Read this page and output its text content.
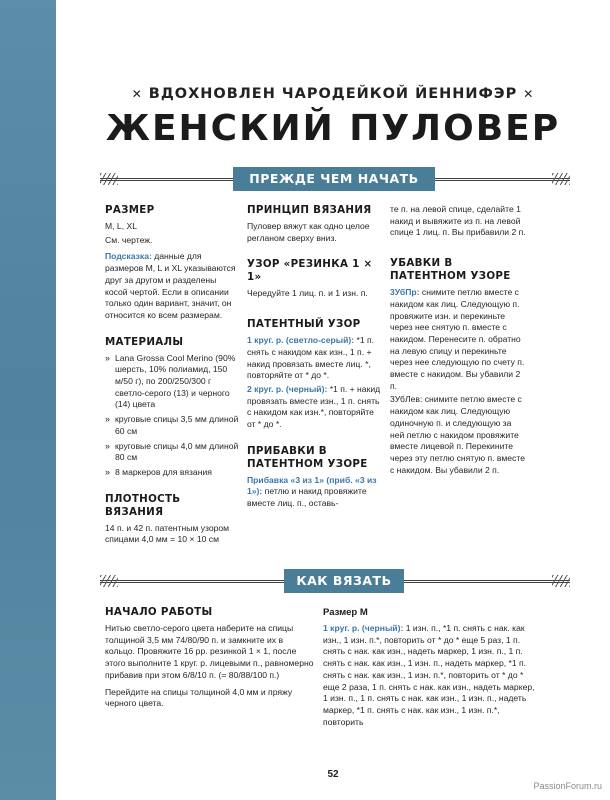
✕ ВДОХНОВЛЕН ЧАРОДЕЙКОЙ ЙЕННИФЭР ✕
ЖЕНСКИЙ ПУЛОВЕР
ПРЕЖДЕ ЧЕМ НАЧАТЬ
РАЗМЕР

M, L, XL

См. чертеж.

Подсказка: данные для размеров M, L и XL указываются друг за другом и разделены косой чертой. Если в описании только один вариант, значит, он относится ко всем размерам.

МАТЕРИАЛЫ
» Lana Grossa Cool Merino (90% шерсть, 10% полиамид, 150 м/50 г), по 200/250/300 г светло-серого (13) и черного (14) цвета
» круговые спицы 3,5 мм длиной 60 см
» круговые спицы 4,0 мм длиной 80 см
» 8 маркеров для вязания
ПЛОТНОСТЬ ВЯЗАНИЯ

14 п. и 42 п. патентным узором спицами 4,0 мм = 10 × 10 см

ПРИНЦИП ВЯЗАНИЯ

Пуловер вяжут как одно целое регланом сверху вниз.

УЗОР «РЕЗИНКА 1 × 1»

Чередуйте 1 лиц. п. и 1 изн. п.

ПАТЕНТНЫЙ УЗОР

1 круг. р. (светло-серый): *1 п. снять с накидом как изн., 1 п. + накид провязать вместе лиц. *, повторяйте от * до *.

2 круг. р. (черный): *1 п. + накид провязать вместе изн., 1 п. снять с накидом как изн.*, повторяйте от * до *.

ПРИБАВКИ В ПАТЕНТНОМ УЗОРЕ

Прибавка «3 из 1» (приб. «3 из 1»): петлю и накид провяжите вместе лиц. п., оставь-

те п. на левой спице, сделайте 1 накид и вывяжите из п. на левой спице 1 лиц. п. Вы прибавили 2 п.

УБАВКИ В ПАТЕНТНОМ УЗОРЕ

3УбПр: снимите петлю вместе с накидом как лиц. Следующую п. провяжите изн. и перекиньте через нее снятую п. вместе с накидом. Перенесите п. обратно на левую спицу и перекиньте через нее следующую по счету п. вместе с накидом. Вы убавили 2 п.

3УбЛев: снимите петлю вместе с накидом как лиц. Следующую одиночную п. и следующую за ней петлю с накидом провяжите вместе лицевой п. Перекините через эту петлю снятую п. вместе с накидом. Вы убавили 2 п.

КАК ВЯЗАТЬ
НАЧАЛО РАБОТЫ

Нитью светло-серого цвета наберите на спицы толщиной 3,5 мм 74/80/90 п. и замкните их в кольцо. Провяжите 16 рр. резинкой 1 × 1, после этого выполните 1 круг. р. лицевыми п., равномерно прибавив при этом 6/8/10 п. (= 80/88/100 п.)

Перейдите на спицы толщиной 4,0 мм и пряжу черного цвета.

Размер M

1 круг. р. (черный): 1 изн. п., *1 п. снять с нак. как изн., 1 изн. п.*, повторить от * до * еще 5 раз, 1 п. снять с нак. как изн., надеть маркер, 1 изн. п., 1 п. снять с нак. как изн., 1 изн. п., надеть маркер, *1 п. снять с нак. как изн., 1 изн. п.*, повторить от * до * еще 2 раза, 1 п. снять с нак. как изн., надеть маркер, 1 изн. п., 1 п. снять с нак. как изн., 1 изн. п., надеть маркер, *1 п. снять с нак. как изн., 1 изн. п.*, повторить

52
PassionForum.ru
